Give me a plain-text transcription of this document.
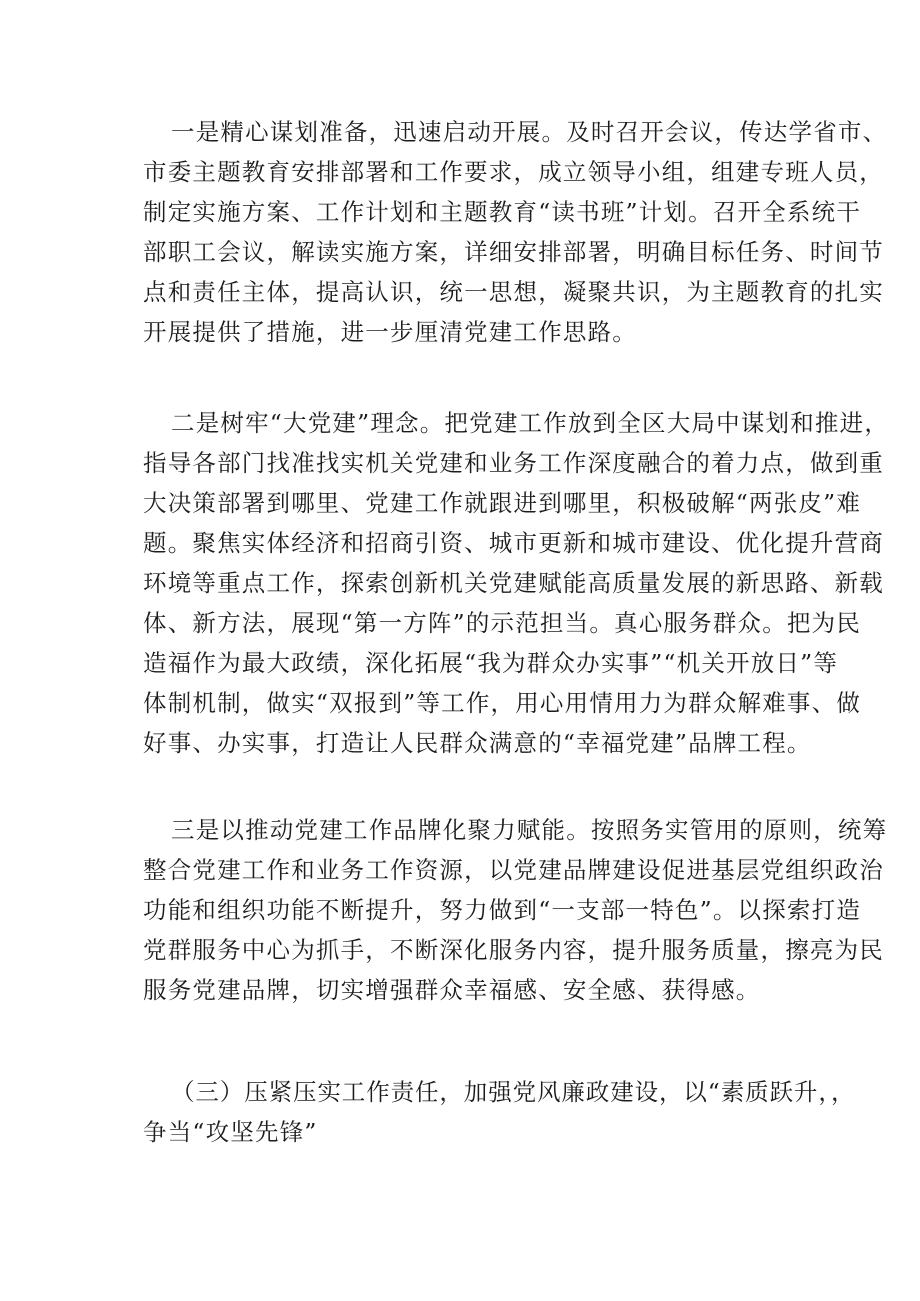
一是精心谋划准备，迅速启动开展。及时召开会议，传达学省市、
市委主题教育安排部署和工作要求，成立领导小组，组建专班人员，
制定实施方案、工作计划和主题教育“读书班”计划。召开全系统干
部职工会议，解读实施方案，详细安排部署，明确目标任务、时间节
点和责任主体，提高认识，统一思想，凝聚共识，为主题教育的扎实
开展提供了措施，进一步厘清党建工作思路。
二是树牢“大党建”理念。把党建工作放到全区大局中谋划和推进，
指导各部门找准找实机关党建和业务工作深度融合的着力点，做到重
大决策部署到哪里、党建工作就跟进到哪里，积极破解“两张皮”难
题。聚焦实体经济和招商引资、城市更新和城市建设、优化提升营商
环境等重点工作，探索创新机关党建赋能高质量发展的新思路、新载
体、新方法，展现“第一方阵”的示范担当。真心服务群众。把为民
造福作为最大政绩，深化拓展“我为群众办实事”“机关开放日”等
体制机制，做实“双报到”等工作，用心用情用力为群众解难事、做
好事、办实事，打造让人民群众满意的“幸福党建”品牌工程。
三是以推动党建工作品牌化聚力赋能。按照务实管用的原则，统筹
整合党建工作和业务工作资源，以党建品牌建设促进基层党组织政治
功能和组织功能不断提升，努力做到“一支部一特色”。以探索打造
党群服务中心为抓手，不断深化服务内容，提升服务质量，擦亮为民
服务党建品牌，切实增强群众幸福感、安全感、获得感。
（三）压紧压实工作责任，加强党风廉政建设，以“素质跃升，，
争当“攻坚先锋”
